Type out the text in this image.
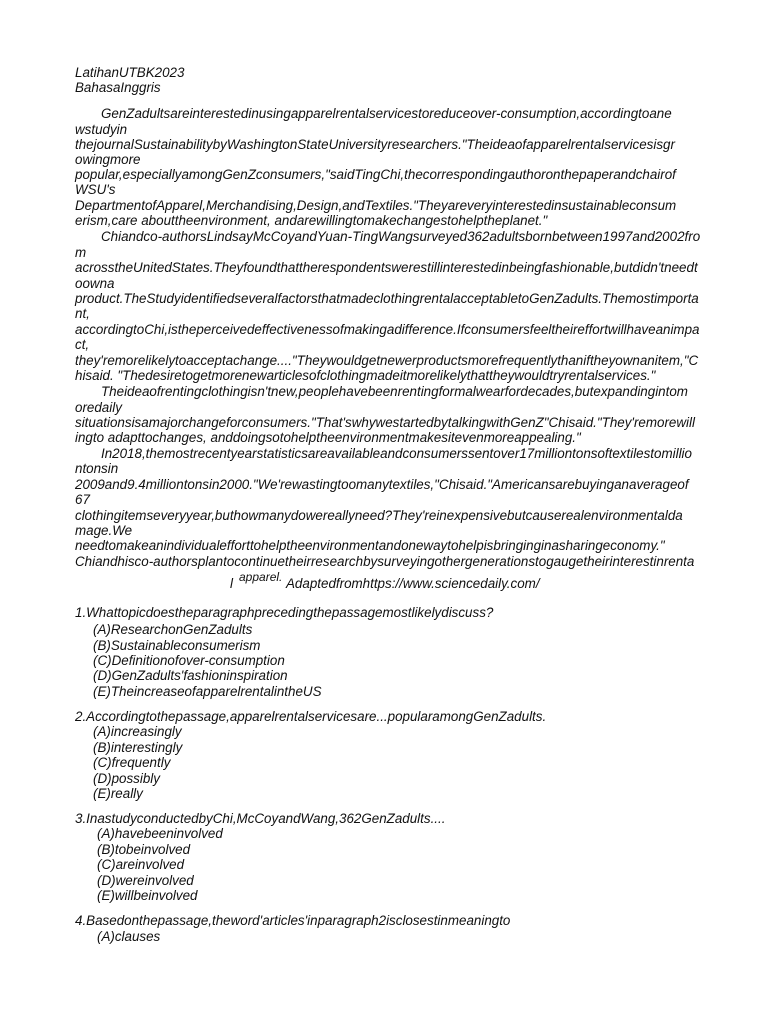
LatihanUTBK2023
BahasaInggris
GenZadultsareinterestedinusingapparelrentalservicestoreduceover-consumption,accordingtoane
wstudyin
thejournalSustainabilitybyWashingtonStateUniversityresearchers."Theideaofapparelrentalservicesisgr
owingmore
popular,especiallyamongGenZconsumers,"saidTingChi,thecorrespondingauthoronthepaperandchairof
WSU's
DepartmentofApparel,Merchandising,Design,andTextiles."Theyareveryinterestedinsustainableconsum
erism,care abouttheenvironment, andarewillingtomakechangestohelptheplanet."
Chiandco-authorsLindsayMcCoyandYuan-TingWangsurveyed362adultsbornbetween1997and2002fro
m
acrosstheUnitedStates.Theyfoundthattherespondentswerestillinterestedinbeingfashionable,butdidn'tneedt
oowna
product.TheStudyidentifiedseveralfactorsthatmadeclothingrentalacceptabletoGenZadults.Themostimporta
nt,
accordingtoChi,istheperceivedeffectivenessofmakingadifference.Ifconsumersfeeltheireffortwillhaveanimpa
ct,
they'remorelikelytoacceptachange...."Theywouldgetnewerproductsmorefrequentlythaniftheyownanitem,"C
hisaid. "Thedesiretogetmorenewarticlesofclothingmadeitmorelikelythattheywouldtryrentalservices."
Theideaofrentingclothingisn'tnew,peoplehavebeenrentingformalwearfordecades,butexpandingintom
oredaily
situationsisamajorchangeforconsumers."That'swhywestartedbytalkingwithGenZ"Chisaid."They'remorewill
ingto adapttochanges, anddoingsotohelptheenvironmentmakesitevenmoreappealing."
In2018,themostrecentyearstatisticsareavailableandconsumerssentover17milliontonsoftextilestomillio
ntonsin
2009and9.4milliontonsin2000."We'rewastingtoomanytextiles,"Chisaid."Americansarebuyinganaverageof
67
clothingitemseveryyear,buthowmanydowereallyneed?They'reinexpensivebutcauserealenvironmentalda
mage.We
needtomakeanindividualefforttohelptheenvironmentandonewaytohelpisbringinginasharingeconomy."
Chiandhisco-authorsplantocontinuetheirresearchbysurveyingothergenerationstogaugetheirinterestinrenta
l apparel. Adaptedfromhttps://www.sciencedaily.com/
1.Whattopicdoestheparagraphprecedingthepassagemostlikelydiscuss?
(A)ResearchonGenZadults
(B)Sustainableconsumerism
(C)Definitionofover-consumption
(D)GenZadults'fashioninspiration
(E)TheincreaseofapparelrentalintheUS
2.Accordingtothepassage,apparelrentalservicesare...popularamongGenZadults.
(A)increasingly
(B)interestingly
(C)frequently
(D)possibly
(E)really
3.InastudyconductedbyChi,McCoyandWang,362GenZadults....
(A)havebeeninvolved
(B)tobeinvolved
(C)areinvolved
(D)wereinvolved
(E)willbeinvolved
4.Basedonthepassage,theword'articles'inparagraph2isclosestinmeaningto
(A)clauses
